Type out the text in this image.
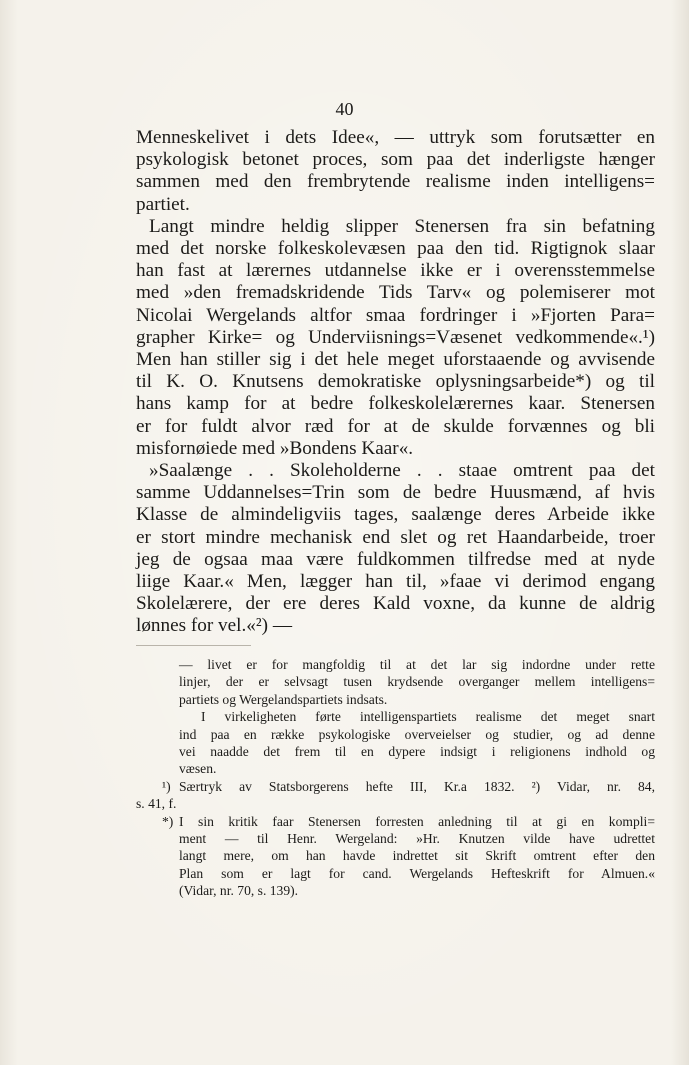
40

Menneskelivet i dets Idee«, — uttryk som forutsætter en
psykologisk betonet proces, som paa det inderligste hænger
sammen med den frembrytende realisme inden intelligens=
partiet.

Langt mindre heldig slipper Stenersen fra sin befatning
med det norske folkeskolevæsen paa den tid. Rigtignok slaar
han fast at lærernes utdannelse ikke er i overensstemmelse
med »den fremadskridende Tids Tarv« og polemiserer mot
Nicolai Wergelands altfor smaa fordringer i »Fjorten Para=
grapher Kirke= og Underviisnings=Væsenet vedkommende«.¹)
Men han stiller sig i det hele meget uforstaaende og avvisende
til K. O. Knutsens demokratiske oplysningsarbeide*) og til
hans kamp for at bedre folkeskolelærernes kaar. Stenersen
er for fuldt alvor ræd for at de skulde forvænnes og bli
misfornøiede med »Bondens Kaar«.

»Saalænge . . Skoleholderne . . staae omtrent paa det
samme Uddannelses=Trin som de bedre Huusmænd, af hvis
Klasse de almindeligviis tages, saalænge deres Arbeide ikke
er stort mindre mechanisk end slet og ret Haandarbeide, troer
jeg de ogsaa maa være fuldkommen tilfredse med at nyde
liige Kaar.« Men, lægger han til, »faae vi derimod engang
Skolelærere, der ere deres Kald voxne, da kunne de aldrig
lønnes for vel.«²) —

— livet er for mangfoldig til at det lar sig indordne under rette
linjer, der er selvsagt tusen krydsende overganger mellem intelligens=
partiets og Wergelandspartiets indsats.
I virkeligheten førte intelligenspartiets realisme det meget snart
ind paa en række psykologiske overveielser og studier, og ad denne
vei naadde det frem til en dypere indsigt i religionens indhold og
væsen.
¹) Særtryk av Statsborgerens hefte III, Kr.a 1832. ²) Vidar, nr. 84,
s. 41, f.
*) I sin kritik faar Stenersen forresten anledning til at gi en kompli=
ment — til Henr. Wergeland: »Hr. Knutzen vilde have udrettet
langt mere, om han havde indrettet sit Skrift omtrent efter den
Plan som er lagt for cand. Wergelands Hefteskrift for Almuen.«
(Vidar, nr. 70, s. 139).
